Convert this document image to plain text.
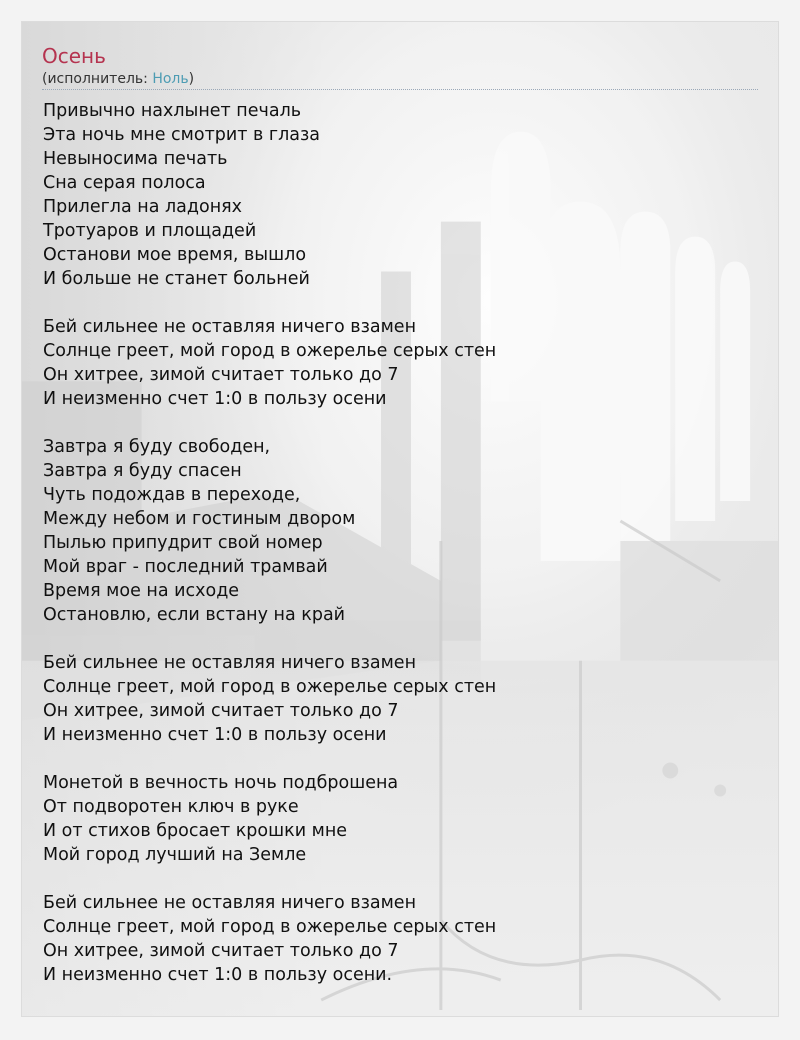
Осень
(исполнитель: Ноль)
Привычно нахлынет печаль
Эта ночь мне смотрит в глаза
Невыносима печать
Сна серая полоса
Прилегла на ладонях
Тротуаров и площадей
Останови мое время, вышло
И больше не станет больней
Бей сильнее не оставляя ничего взамен
Солнце греет, мой город в ожерелье серых стен
Он хитрее, зимой считает только до 7
И неизменно счет 1:0 в пользу осени
Завтра я буду свободен,
Завтра я буду спасен
Чуть подождав в переходе,
Между небом и гостиным двором
Пылью припудрит свой номер
Мой враг - последний трамвай
Время мое на исходе
Остановлю, если встану на край
Бей сильнее не оставляя ничего взамен
Солнце греет, мой город в ожерелье серых стен
Он хитрее, зимой считает только до 7
И неизменно счет 1:0 в пользу осени
Монетой в вечность ночь подброшена
От подворотен ключ в руке
И от стихов бросает крошки мне
Мой город лучший на Земле
Бей сильнее не оставляя ничего взамен
Солнце греет, мой город в ожерелье серых стен
Он хитрее, зимой считает только до 7
И неизменно счет 1:0 в пользу осени.
